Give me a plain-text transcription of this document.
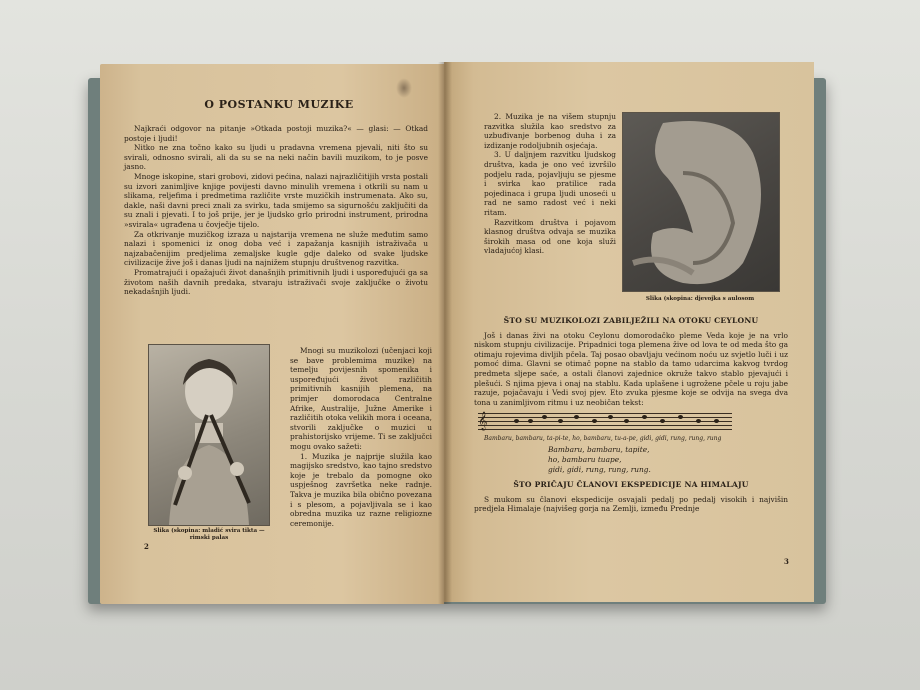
O POSTANKU MUZIKE

Najkraći odgovor na pitanje »Otkada postoji muzika?« — glasi: — Otkad postoje i ljudi!

Nitko ne zna točno kako su ljudi u pradavna vremena pjevali, niti što su svirali, odnosno svirali, ali da su se na neki način bavili muzikom, to je posve jasno.

Mnoge iskopine, stari grobovi, zidovi pećina, nalazi najrazličitijih vrsta postali su izvori zanimljive knjige povijesti davno minulih vremena i otkrili su nam u slikama, reljefima i predmetima različite vrste muzičkih instrumenata. Ako su, dakle, naši davni preci znali za svirku, tada smijemo sa sigurnošću zaključiti da su znali i pjevati. I to još prije, jer je ljudsko grlo prirodni instrument, prirodna »svirala« ugrađena u čovječje tijelo.

Za otkrivanje muzičkog izraza u najstarija vremena ne služe međutim samo nalazi i spomenici iz onog doba već i zapažanja kasnijih istraživača u najzabačenijim predjelima zemaljske kugle gdje daleko od svake ljudske civilizacije žive još i danas ljudi na najnižem stupnju društvenog razvitka.

Promatrajući i opažajući život današnjih primitivnih ljudi i uspoređujući ga sa životom naših davnih predaka, stvaraju istraživači svoje zaključke o životu nekadašnjih ljudi.

Slika (skopina: mladić svira tikta — rimski palas

Mnogi su muzikolozi (učenjaci koji se bave problemima muzike) na temelju povijesnih spomenika i uspoređujući život različitih primitivnih kasnijih plemena, na primjer domorodaca Centralne Afrike, Australije, Južne Amerike i različitih otoka velikih mora i oceana, stvorili zaključke o muzici u prahistorijsko vrijeme. Ti se zaključci mogu ovako sažeti:

1. Muzika je najprije služila kao magijsko sredstvo, kao tajno sredstvo koje je trebalo da pomogne oko uspješnog završetka neke radnje. Takva je muzika bila obično povezana i s plesom, a pojavljivala se i kao obredna muzika uz razne religiozne ceremonije.

2

2. Muzika je na višem stupnju razvitka služila kao sredstvo za uzbuđivanje borbenog duha i za izdizanje rodoljubnih osjećaja.

3. U daljnjem razvitku ljudskog društva, kada je ono već izvršilo podjelu rada, pojavljuju se pjesme i svirka kao pratilice rada pojedinaca i grupa ljudi unoseći u rad ne samo radost već i neki ritam.

Razvitkom društva i pojavom klasnog društva odvaja se muzika širokih masa od one koja služi vladajućoj klasi.

Slika (skopina: djevojka s aulosom
ŠTO SU MUZIKOLOZI ZABILJEŽILI NA OTOKU CEYLONU

Još i danas živi na otoku Ceylonu domorodačko pleme Veda koje je na vrlo niskom stupnju civilizacije. Pripadnici toga plemena žive od lova te od meda što ga otimaju rojevima divljih pčela. Taj posao obavljaju većinom noću uz svjetlo luči i uz pomoć dima. Glavni se otimač popne na stablo da tamo udarcima kakvog tvrdog predmeta sljepe saće, a ostali članovi zajednice okruže takvo stablo pjevajući i plešući. S njima pjeva i onaj na stablu. Kada uplašene i ugrožene pčele u roju jabe razuje, pojačavaju i Vedi svoj pjev. Eto zvuka pjesme koje se odvija na svega dva tona u zanimljivom ritmu i uz neobičan tekst:

𝄞

Bambaru, bambaru, ta-pi-te, ho, bambaru, tu-a-pe, gidi, gidi, rung, rung, rung

Bambaru, bambaru, tapite,
ho, bambaru tuape,
gidi, gidi, rung, rung, rung.
ŠTO PRIČAJU ČLANOVI EKSPEDICIJE NA HIMALAJU

S mukom su članovi ekspedicije osvajali pedalj po pedalj visokih i najvišin predjela Himalaje (najvišeg gorja na Zemlji, između Prednje

3
